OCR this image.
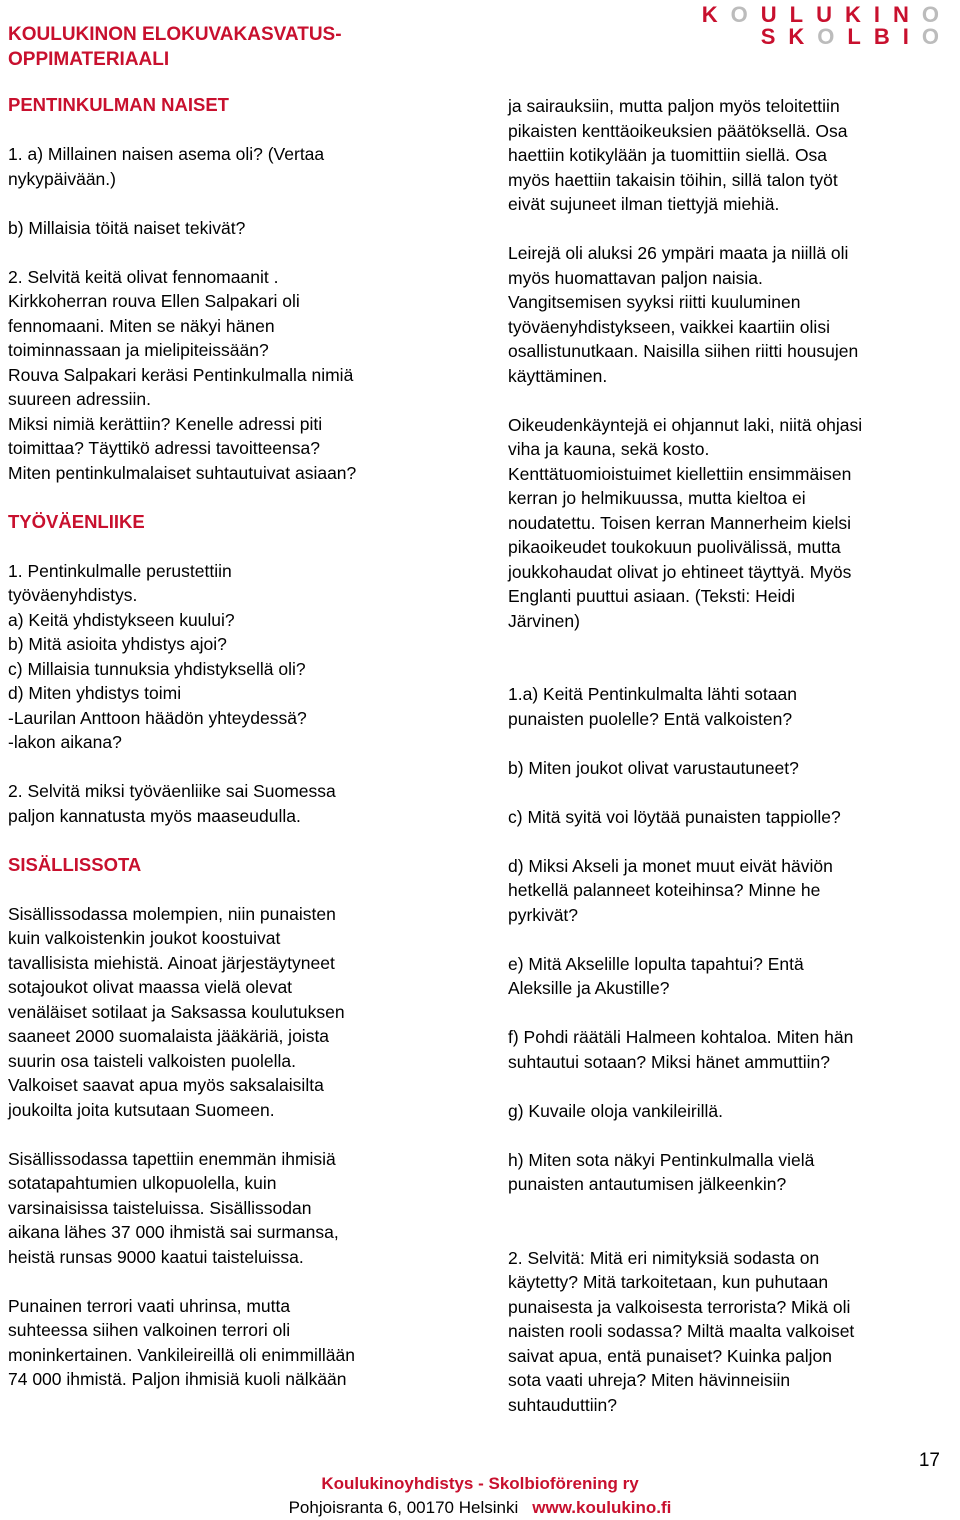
KOULUKINON ELOKUVAKASVATUS-
OPPIMATERIAALI
KOULUKINO
SKOLBIO

PENTINKULMAN NAISET

1. a) Millainen naisen asema oli? (Vertaa
nykypäivään.)

b) Millaisia töitä naiset tekivät?

2. Selvitä keitä olivat fennomaanit .
Kirkkoherran rouva Ellen Salpakari oli
fennomaani. Miten se näkyi hänen
toiminnassaan ja mielipiteissään?
Rouva Salpakari keräsi Pentinkulmalla nimiä
suureen adressiin.
Miksi nimiä kerättiin? Kenelle adressi piti
toimittaa? Täyttikö adressi tavoitteensa?
Miten pentinkulmalaiset suhtautuivat asiaan?

TYÖVÄENLIIKE

1. Pentinkulmalle perustettiin
työväenyhdistys.
a) Keitä yhdistykseen kuului?
b) Mitä asioita yhdistys ajoi?
c) Millaisia tunnuksia yhdistyksellä oli?
d) Miten yhdistys toimi
-Laurilan Anttoon häädön yhteydessä?
-lakon aikana?

2. Selvitä miksi työväenliike sai Suomessa
paljon kannatusta myös maaseudulla.

SISÄLLISSOTA

Sisällissodassa molempien, niin punaisten
kuin valkoistenkin joukot koostuivat
tavallisista miehistä. Ainoat järjestäytyneet
sotajoukot olivat maassa vielä olevat
venäläiset sotilaat ja Saksassa koulutuksen
saaneet 2000 suomalaista jääkäriä, joista
suurin osa taisteli valkoisten puolella.
Valkoiset saavat apua myös saksalaisilta
joukoilta joita kutsutaan Suomeen.

Sisällissodassa tapettiin enemmän ihmisiä
sotatapahtumien ulkopuolella, kuin
varsinaisissa taisteluissa. Sisällissodan
aikana lähes 37 000 ihmistä sai surmansa,
heistä runsas 9000 kaatui taisteluissa.

Punainen terrori vaati uhrinsa, mutta
suhteessa siihen valkoinen terrori oli
moninkertainen. Vankileireillä oli enimmillään
74 000 ihmistä. Paljon ihmisiä kuoli nälkään

ja sairauksiin, mutta paljon myös teloitettiin
pikaisten kenttäoikeuksien päätöksellä. Osa
haettiin kotikylään ja tuomittiin siellä. Osa
myös haettiin takaisin töihin, sillä talon työt
eivät sujuneet ilman tiettyjä miehiä.

Leirejä oli aluksi 26 ympäri maata ja niillä oli
myös huomattavan paljon naisia.
Vangitsemisen syyksi riitti kuuluminen
työväenyhdistykseen, vaikkei kaartiin olisi
osallistunutkaan. Naisilla siihen riitti housujen
käyttäminen.

Oikeudenkäyntejä ei ohjannut laki, niitä ohjasi
viha ja kauna, sekä kosto.
Kenttätuomioistuimet kiellettiin ensimmäisen
kerran jo helmikuussa, mutta kieltoa ei
noudatettu. Toisen kerran Mannerheim kielsi
pikaoikeudet toukokuun puolivälissä, mutta
joukkohaudat olivat jo ehtineet täyttyä. Myös
Englanti puuttui asiaan. (Teksti: Heidi
Järvinen)

1.a) Keitä Pentinkulmalta lähti sotaan
punaisten puolelle? Entä valkoisten?

b) Miten joukot olivat varustautuneet?

c) Mitä syitä voi löytää punaisten tappiolle?

d) Miksi Akseli ja monet muut eivät häviön
hetkellä palanneet koteihinsa? Minne he
pyrkivät?

e) Mitä Akselille lopulta tapahtui? Entä
Aleksille ja Akustille?

f) Pohdi räätäli Halmeen kohtaloa. Miten hän
suhtautui sotaan? Miksi hänet ammuttiin?

g) Kuvaile oloja vankileirillä.

h) Miten sota näkyi Pentinkulmalla vielä
punaisten antautumisen jälkeenkin?

2. Selvitä: Mitä eri nimityksiä sodasta on
käytetty? Mitä tarkoitetaan, kun puhutaan
punaisesta ja valkoisesta terrorista? Mikä oli
naisten rooli sodassa? Miltä maalta valkoiset
saivat apua, entä punaiset? Kuinka paljon
sota vaati uhreja? Miten hävinneisiin
suhtauduttiin?

17
Koulukinoyhdistys - Skolbioförening ry
Pohjoisranta 6, 00170 Helsinki www.koulukino.fi
